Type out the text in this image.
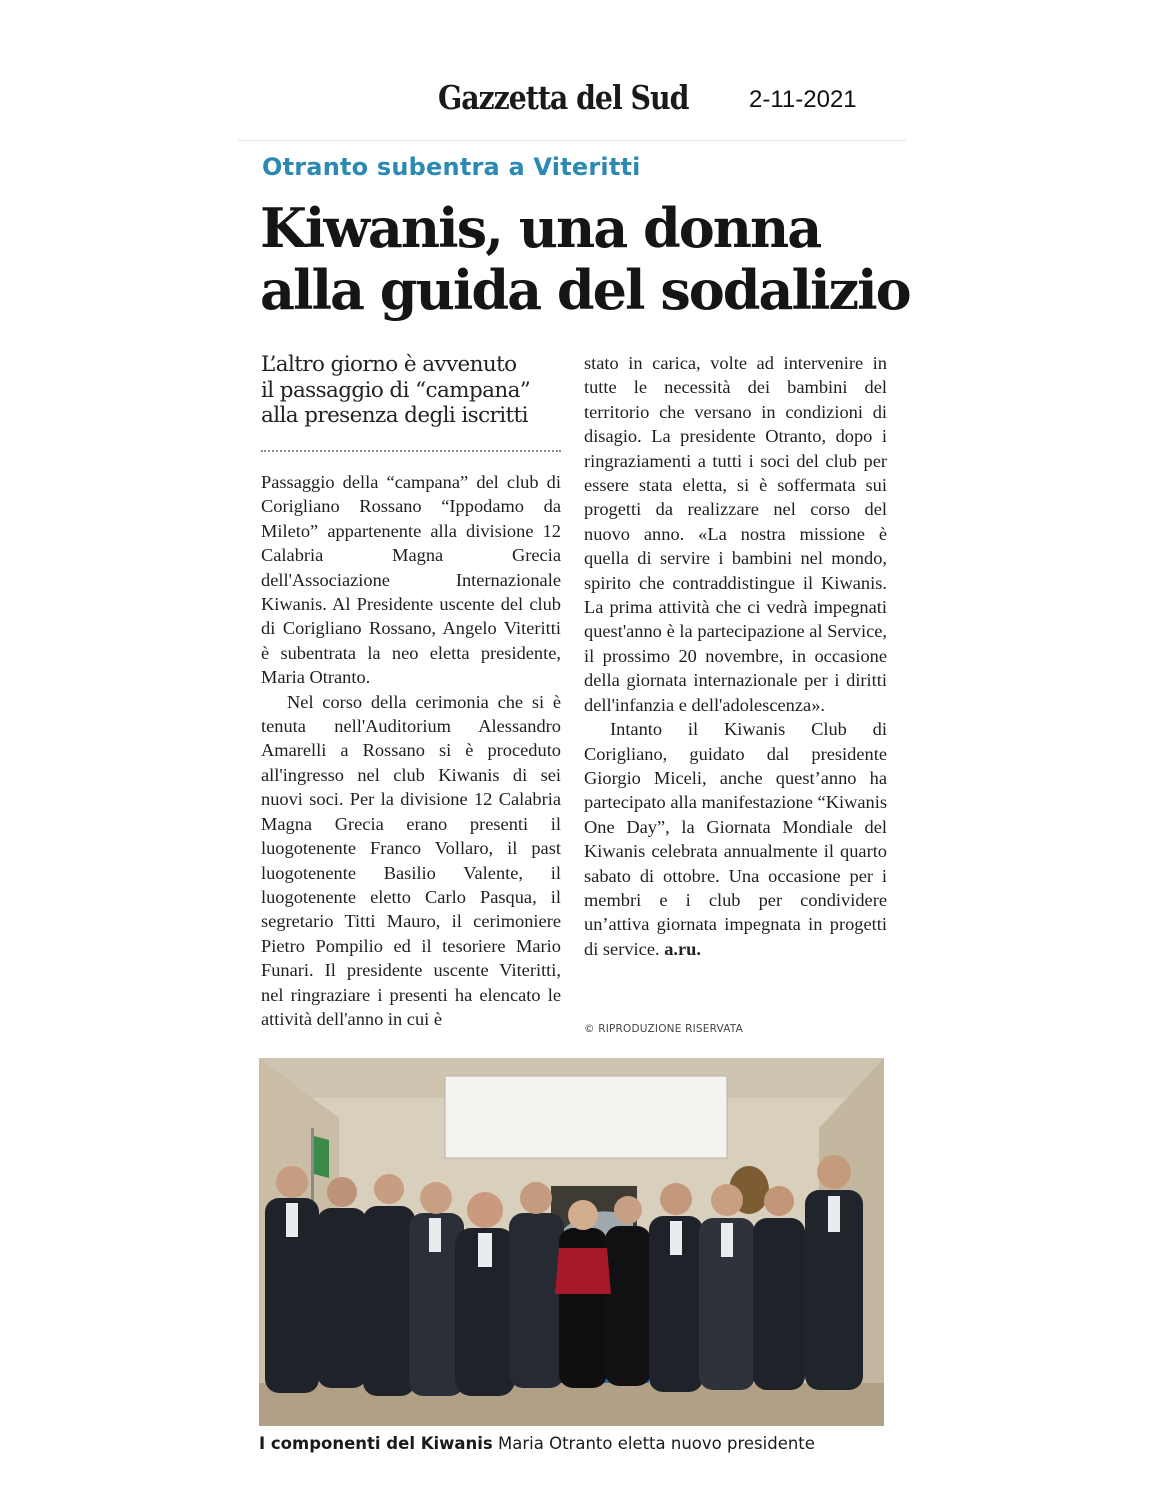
Gazzetta del Sud	2-11-2021
Otranto subentra a Viteritti
Kiwanis, una donna
alla guida del sodalizio
L’altro giorno è avvenuto
il passaggio di “campana”
alla presenza degli iscritti

Passaggio della “campana” del club di Corigliano Rossano “Ippodamo da Mileto” appartenente alla divisione 12 Calabria Magna Grecia dell'Associazione Internazionale Kiwanis. Al Presidente uscente del club di Corigliano Rossano, Angelo Viteritti è subentrata la neo eletta presidente, Maria Otranto.

Nel corso della cerimonia che si è tenuta nell'Auditorium Alessandro Amarelli a Rossano si è proceduto all'ingresso nel club Kiwanis di sei nuovi soci. Per la divisione 12 Calabria Magna Grecia erano presenti il luogotenente Franco Vollaro, il past luogotenente Basilio Valente, il luogotenente eletto Carlo Pasqua, il segretario Titti Mauro, il cerimoniere Pietro Pompilio ed il tesoriere Mario Funari. Il presidente uscente Viteritti, nel ringraziare i presenti ha elencato le attività dell'anno in cui è

stato in carica, volte ad intervenire in tutte le necessità dei bambini del territorio che versano in condizioni di disagio. La presidente Otranto, dopo i ringraziamenti a tutti i soci del club per essere stata eletta, si è soffermata sui progetti da realizzare nel corso del nuovo anno. «La nostra missione è quella di servire i bambini nel mondo, spirito che contraddistingue il Kiwanis. La prima attività che ci vedrà impegnati quest'anno è la partecipazione al Service, il prossimo 20 novembre, in occasione della giornata internazionale per i diritti dell'infanzia e dell'adolescenza».

Intanto il Kiwanis Club di Corigliano, guidato dal presidente Giorgio Miceli, anche quest’anno ha partecipato alla manifestazione “Kiwanis One Day”, la Giornata Mondiale del Kiwanis celebrata annualmente il quarto sabato di ottobre. Una occasione per i membri e i club per condividere un’attiva giornata impegnata in progetti di service. a.ru.

© RIPRODUZIONE RISERVATA
I componenti del Kiwanis Maria Otranto eletta nuovo presidente
